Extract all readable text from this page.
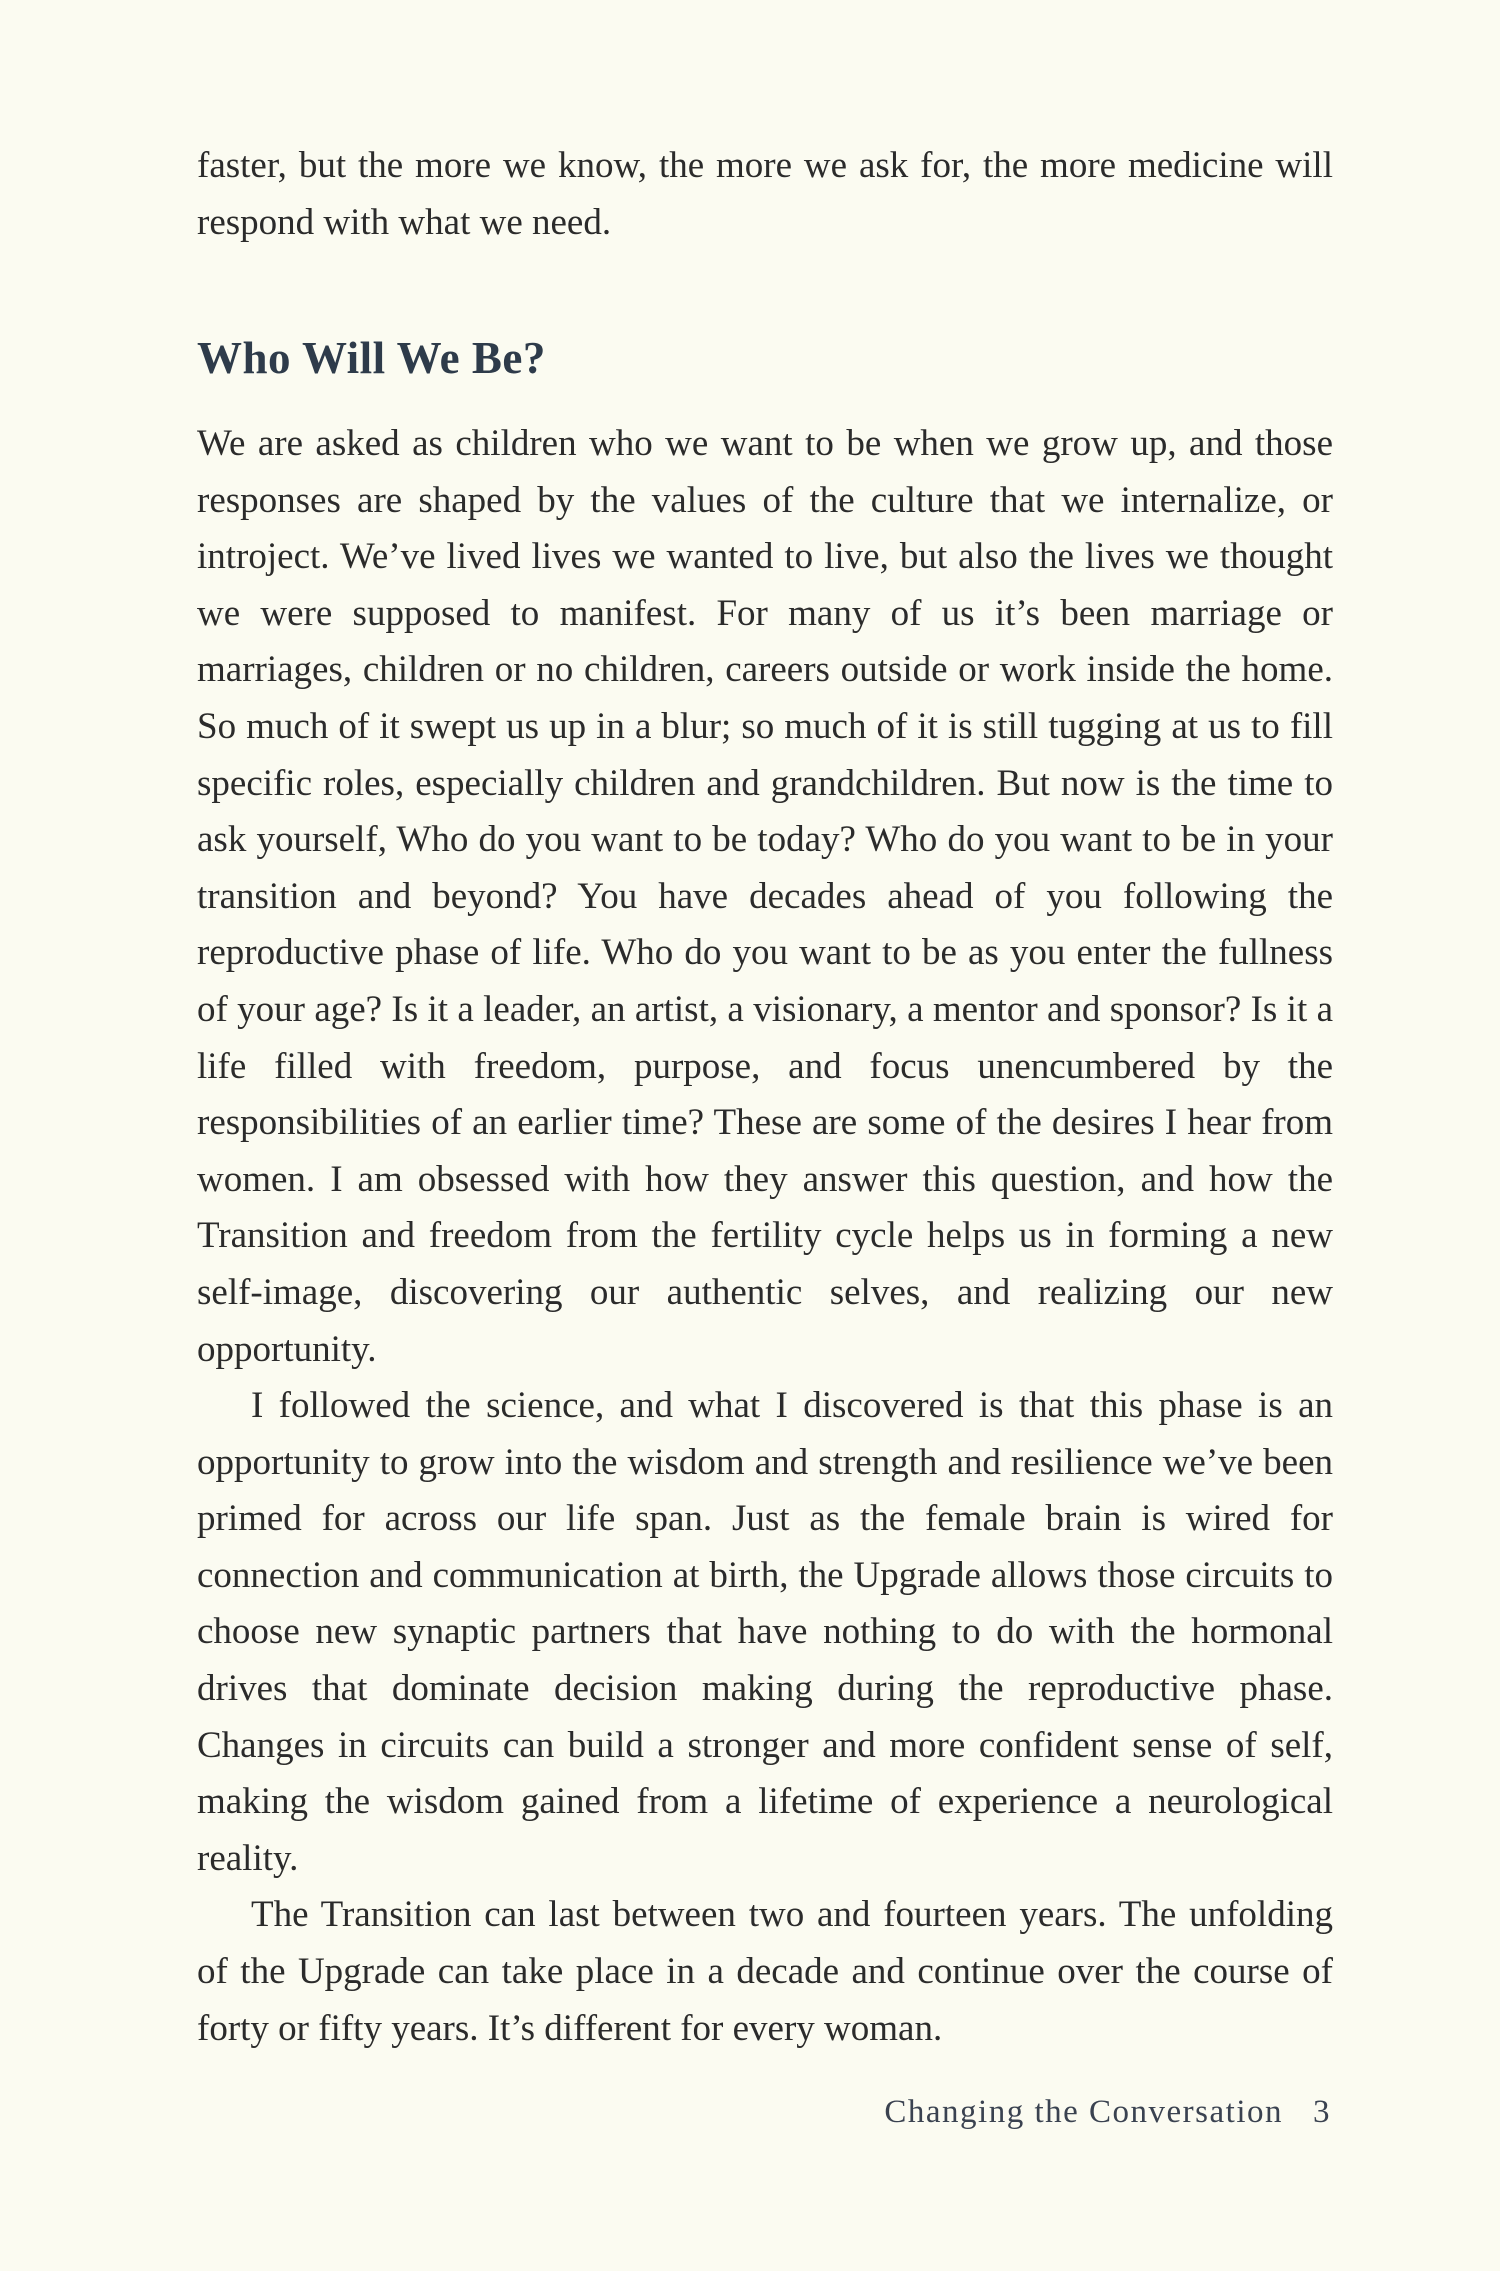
faster, but the more we know, the more we ask for, the more medicine will respond with what we need.

Who Will We Be?

We are asked as children who we want to be when we grow up, and those responses are shaped by the values of the culture that we internalize, or introject. We’ve lived lives we wanted to live, but also the lives we thought we were supposed to manifest. For many of us it’s been marriage or marriages, children or no children, careers outside or work inside the home. So much of it swept us up in a blur; so much of it is still tugging at us to fill specific roles, especially children and grandchildren. But now is the time to ask yourself, Who do you want to be today? Who do you want to be in your transition and beyond? You have decades ahead of you following the reproductive phase of life. Who do you want to be as you enter the fullness of your age? Is it a leader, an artist, a visionary, a mentor and sponsor? Is it a life filled with freedom, purpose, and focus unencumbered by the responsibilities of an earlier time? These are some of the desires I hear from women. I am obsessed with how they answer this question, and how the Transition and freedom from the fertility cycle helps us in forming a new self-image, discovering our authentic selves, and realizing our new opportunity.

I followed the science, and what I discovered is that this phase is an opportunity to grow into the wisdom and strength and resilience we’ve been primed for across our life span. Just as the female brain is wired for connection and communication at birth, the Upgrade allows those circuits to choose new synaptic partners that have nothing to do with the hormonal drives that dominate decision making during the reproductive phase. Changes in circuits can build a stronger and more confident sense of self, making the wisdom gained from a lifetime of experience a neurological reality.

The Transition can last between two and fourteen years. The unfolding of the Upgrade can take place in a decade and continue over the course of forty or fifty years. It’s different for every woman.

Changing the Conversation 3
